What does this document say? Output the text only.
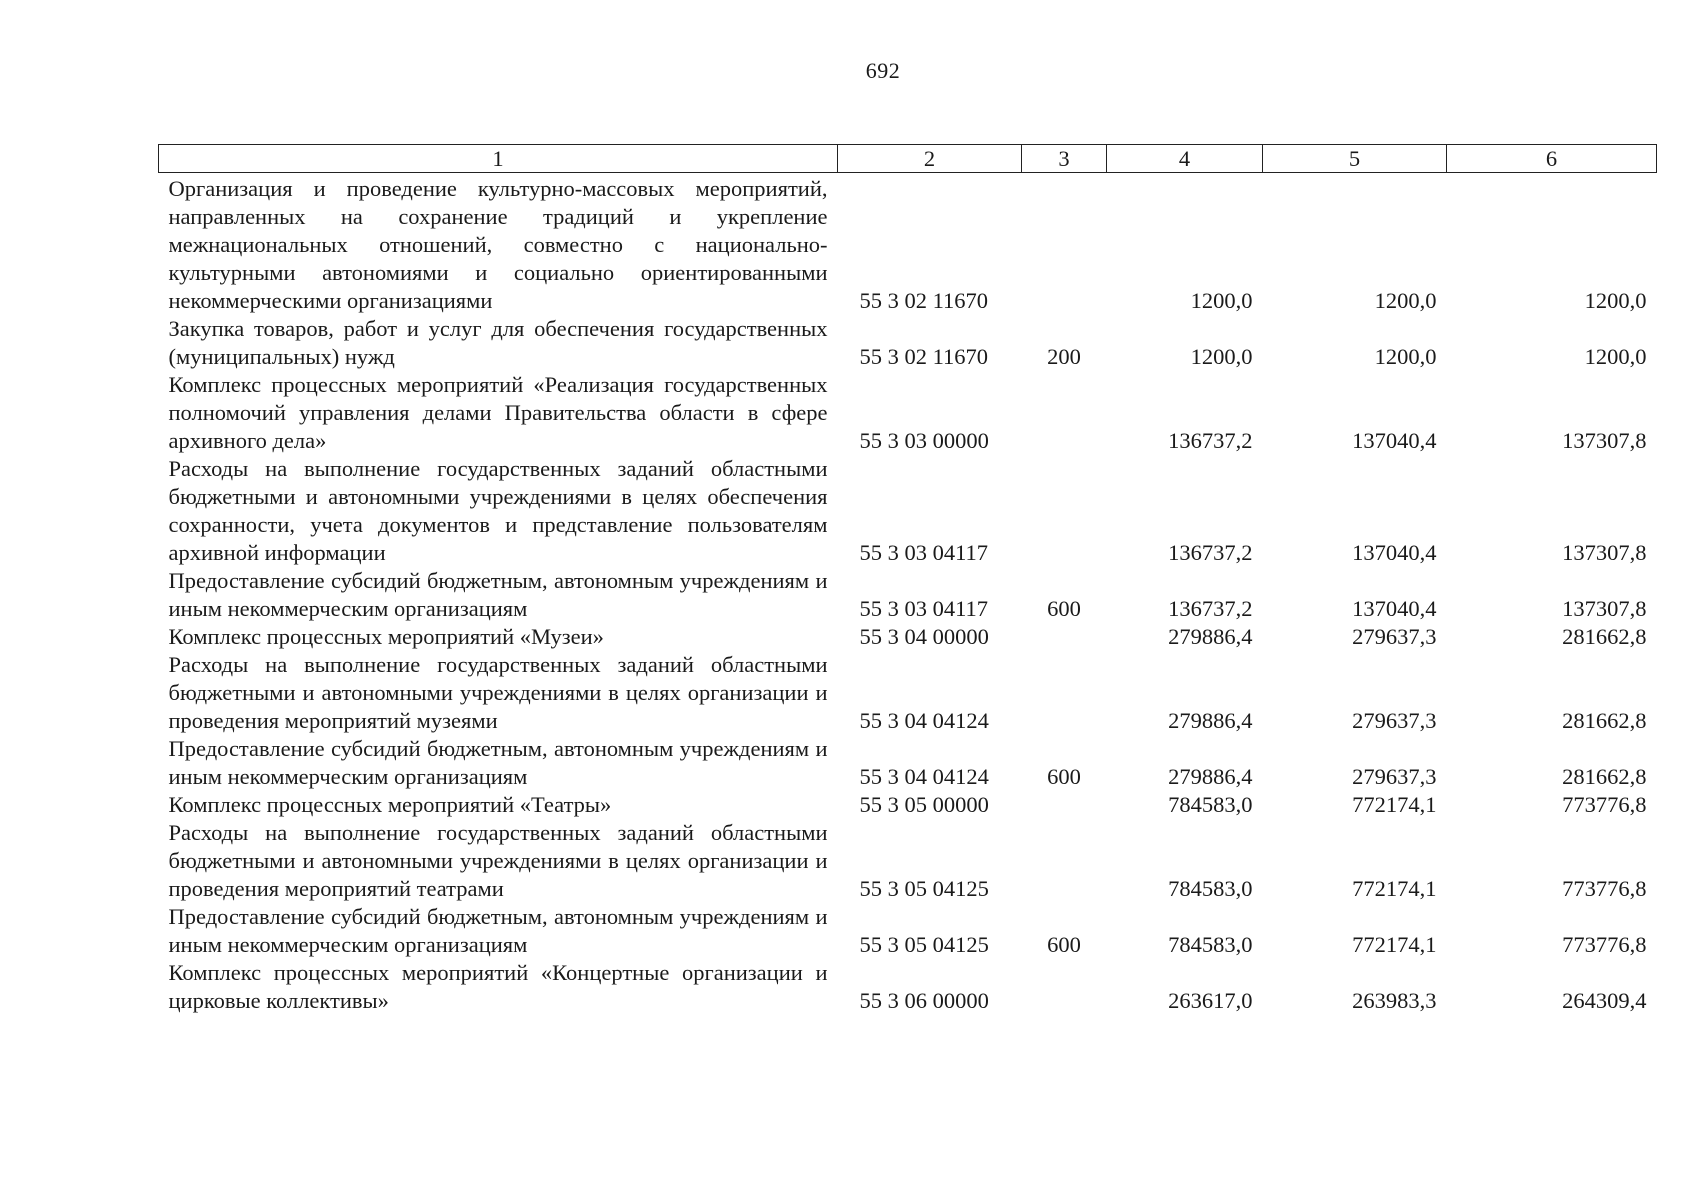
692
1	2	3	4	5	6
Организация и проведение культурно-массовых мероприятий, направленных на сохранение традиций и укрепление межнациональных отношений, совместно с национально-культурными автономиями и социально ориентированными некоммерческими организациями	55 3 02 11670		1200,0	1200,0	1200,0
Закупка товаров, работ и услуг для обеспечения государственных (муниципальных) нужд	55 3 02 11670	200	1200,0	1200,0	1200,0
Комплекс процессных мероприятий «Реализация государственных полномочий управления делами Правительства области в сфере архивного дела»	55 3 03 00000		136737,2	137040,4	137307,8
Расходы на выполнение государственных заданий областными бюджетными и автономными учреждениями в целях обеспечения сохранности, учета документов и представление пользователям архивной информации	55 3 03 04117		136737,2	137040,4	137307,8
Предоставление субсидий бюджетным, автономным учреждениям и иным некоммерческим организациям	55 3 03 04117	600	136737,2	137040,4	137307,8
Комплекс процессных мероприятий «Музеи»	55 3 04 00000		279886,4	279637,3	281662,8
Расходы на выполнение государственных заданий областными бюджетными и автономными учреждениями в целях организации и проведения мероприятий музеями	55 3 04 04124		279886,4	279637,3	281662,8
Предоставление субсидий бюджетным, автономным учреждениям и иным некоммерческим организациям	55 3 04 04124	600	279886,4	279637,3	281662,8
Комплекс процессных мероприятий «Театры»	55 3 05 00000		784583,0	772174,1	773776,8
Расходы на выполнение государственных заданий областными бюджетными и автономными учреждениями в целях организации и проведения мероприятий театрами	55 3 05 04125		784583,0	772174,1	773776,8
Предоставление субсидий бюджетным, автономным учреждениям и иным некоммерческим организациям	55 3 05 04125	600	784583,0	772174,1	773776,8
Комплекс процессных мероприятий «Концертные организации и цирковые коллективы»	55 3 06 00000		263617,0	263983,3	264309,4
